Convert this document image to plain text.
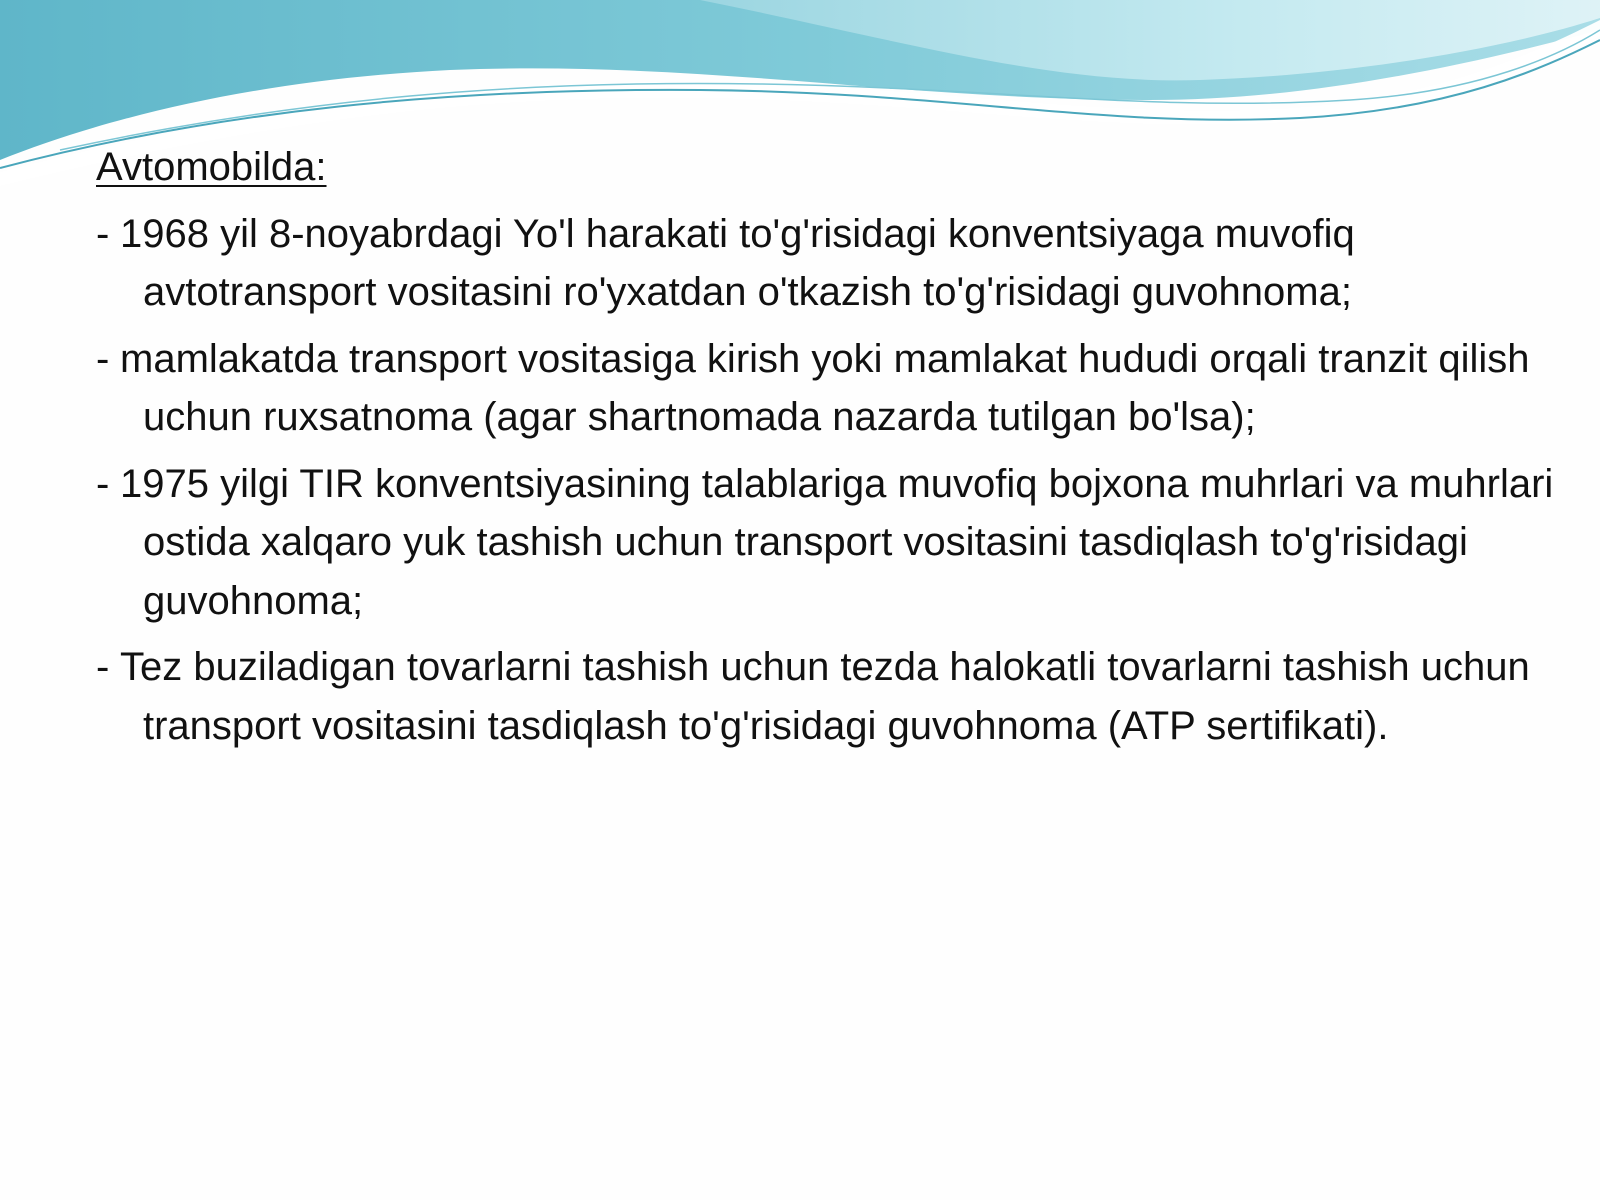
Avtomobilda:
- 1968 yil 8-noyabrdagi Yo'l harakati to'g'risidagi konventsiyaga muvofiq avtotransport vositasini ro'yxatdan o'tkazish to'g'risidagi guvohnoma;
- mamlakatda transport vositasiga kirish yoki mamlakat hududi orqali tranzit qilish uchun ruxsatnoma (agar shartnomada nazarda tutilgan bo'lsa);
- 1975 yilgi TIR konventsiyasining talablariga muvofiq bojxona muhrlari va muhrlari ostida xalqaro yuk tashish uchun transport vositasini tasdiqlash to'g'risidagi guvohnoma;
- Tez buziladigan tovarlarni tashish uchun tezda halokatli tovarlarni tashish uchun transport vositasini tasdiqlash to'g'risidagi guvohnoma (ATP sertifikati).
